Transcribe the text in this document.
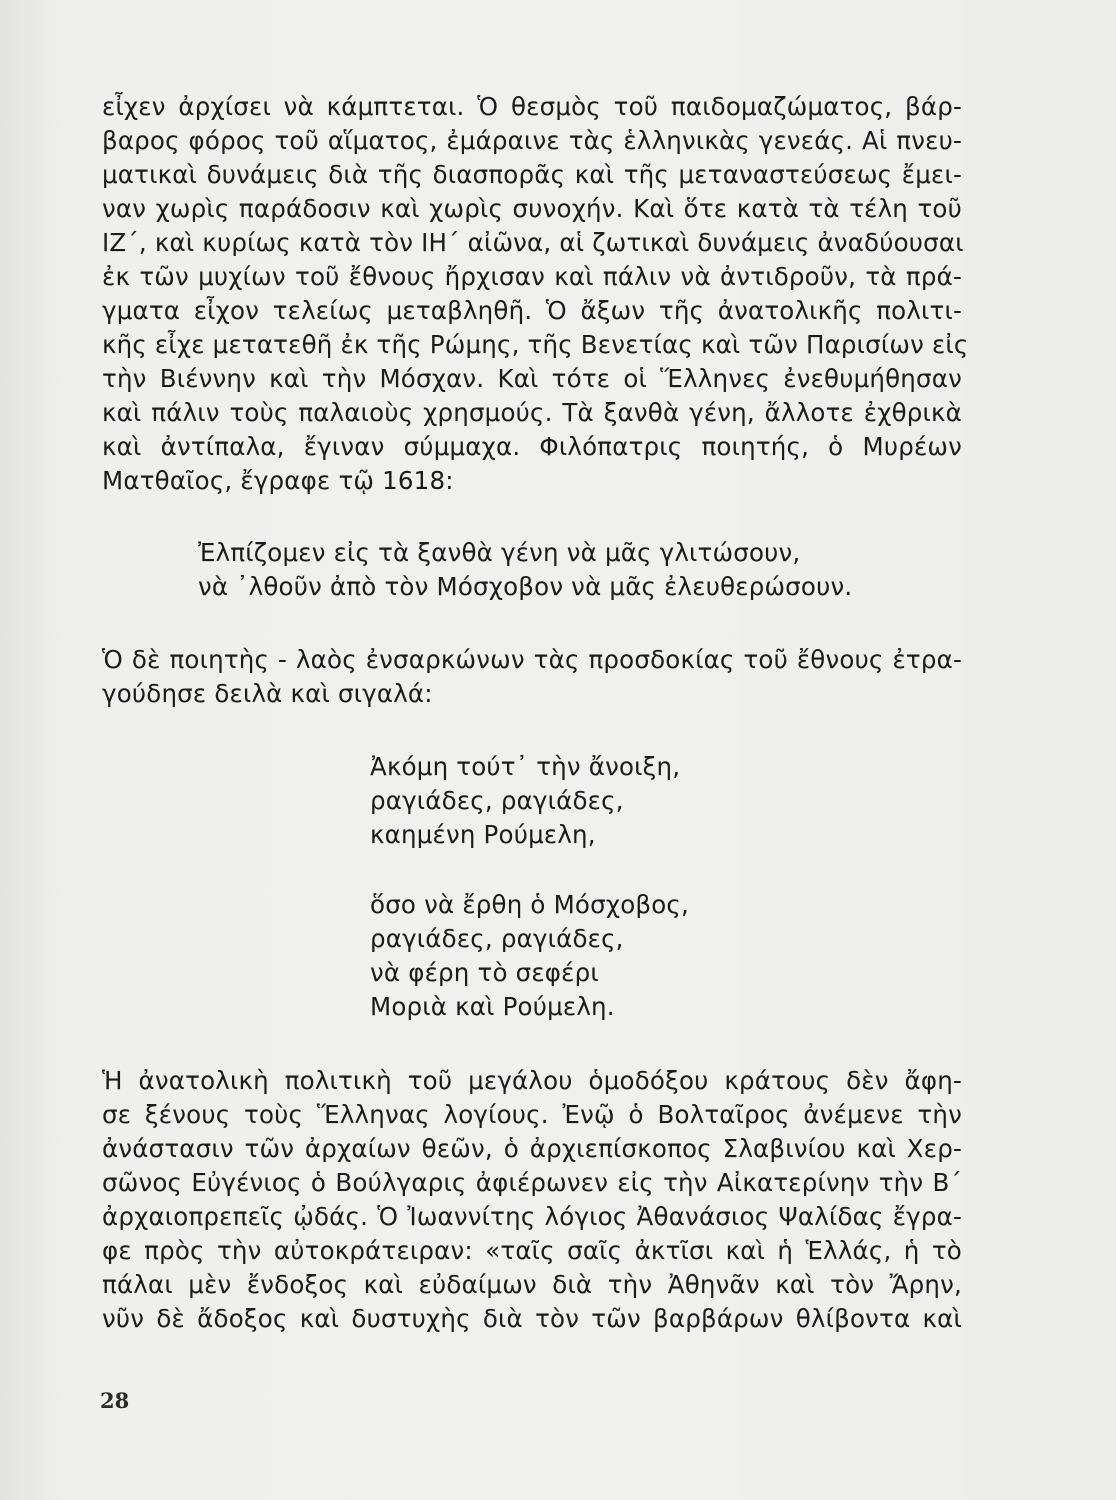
εἶχεν ἀρχίσει νὰ κάμπτεται. Ὁ θεσμὸς τοῦ παιδομαζώματος, βάρ-
βαρος φόρος τοῦ αἵματος, ἐμάραινε τὰς ἑλληνικὰς γενεάς. Αἱ πνευ-
ματικαὶ δυνάμεις διὰ τῆς διασπορᾶς καὶ τῆς μεταναστεύσεως ἔμει-
ναν χωρὶς παράδοσιν καὶ χωρὶς συνοχήν. Καὶ ὅτε κατὰ τὰ τέλη τοῦ
ΙΖ΄, καὶ κυρίως κατὰ τὸν ΙΗ΄ αἰῶνα, αἱ ζωτικαὶ δυνάμεις ἀναδύουσαι
ἐκ τῶν μυχίων τοῦ ἔθνους ἤρχισαν καὶ πάλιν νὰ ἀντιδροῦν, τὰ πρά-
γματα εἶχον τελείως μεταβληθῆ. Ὁ ἄξων τῆς ἀνατολικῆς πολιτι-
κῆς εἶχε μετατεθῆ ἐκ τῆς Ρώμης, τῆς Βενετίας καὶ τῶν Παρισίων εἰς
τὴν Βιέννην καὶ τὴν Μόσχαν. Καὶ τότε οἱ Ἕλληνες ἐνεθυμήθησαν
καὶ πάλιν τοὺς παλαιοὺς χρησμούς. Τὰ ξανθὰ γένη, ἄλλοτε ἐχθρικὰ
καὶ ἀντίπαλα, ἔγιναν σύμμαχα. Φιλόπατρις ποιητής, ὁ Μυρέων
Ματθαῖος, ἔγραφε τῷ 1618:
Ἐλπίζομεν εἰς τὰ ξανθὰ γένη νὰ μᾶς γλιτώσουν,
νὰ ᾿λθοῦν ἀπὸ τὸν Μόσχοβον νὰ μᾶς ἐλευθερώσουν.
Ὁ δὲ ποιητὴς - λαὸς ἐνσαρκώνων τὰς προσδοκίας τοῦ ἔθνους ἐτρα-
γούδησε δειλὰ καὶ σιγαλά:
Ἀκόμη τούτ᾿ τὴν ἄνοιξη,
ραγιάδες, ραγιάδες,
καημένη Ρούμελη,
ὅσο νὰ ἔρθη ὁ Μόσχοβος,
ραγιάδες, ραγιάδες,
νὰ φέρη τὸ σεφέρι
Μοριὰ καὶ Ρούμελη.
Ἡ ἀνατολικὴ πολιτικὴ τοῦ μεγάλου ὁμοδόξου κράτους δὲν ἄφη-
σε ξένους τοὺς Ἕλληνας λογίους. Ἐνῷ ὁ Βολταῖρος ἀνέμενε τὴν
ἀνάστασιν τῶν ἀρχαίων θεῶν, ὁ ἀρχιεπίσκοπος Σλαβινίου καὶ Χερ-
σῶνος Εὐγένιος ὁ Βούλγαρις ἀφιέρωνεν εἰς τὴν Αἰκατερίνην τὴν Β΄
ἀρχαιοπρεπεῖς ᾠδάς. Ὁ Ἰωαννίτης λόγιος Ἀθανάσιος Ψαλίδας ἔγρα-
φε πρὸς τὴν αὐτοκράτειραν: «ταῖς σαῖς ἀκτῖσι καὶ ἡ Ἑλλάς, ἡ τὸ
πάλαι μὲν ἔνδοξος καὶ εὐδαίμων διὰ τὴν Ἀθηνᾶν καὶ τὸν Ἄρην,
νῦν δὲ ἄδοξος καὶ δυστυχὴς διὰ τὸν τῶν βαρβάρων θλίβοντα καὶ
28
